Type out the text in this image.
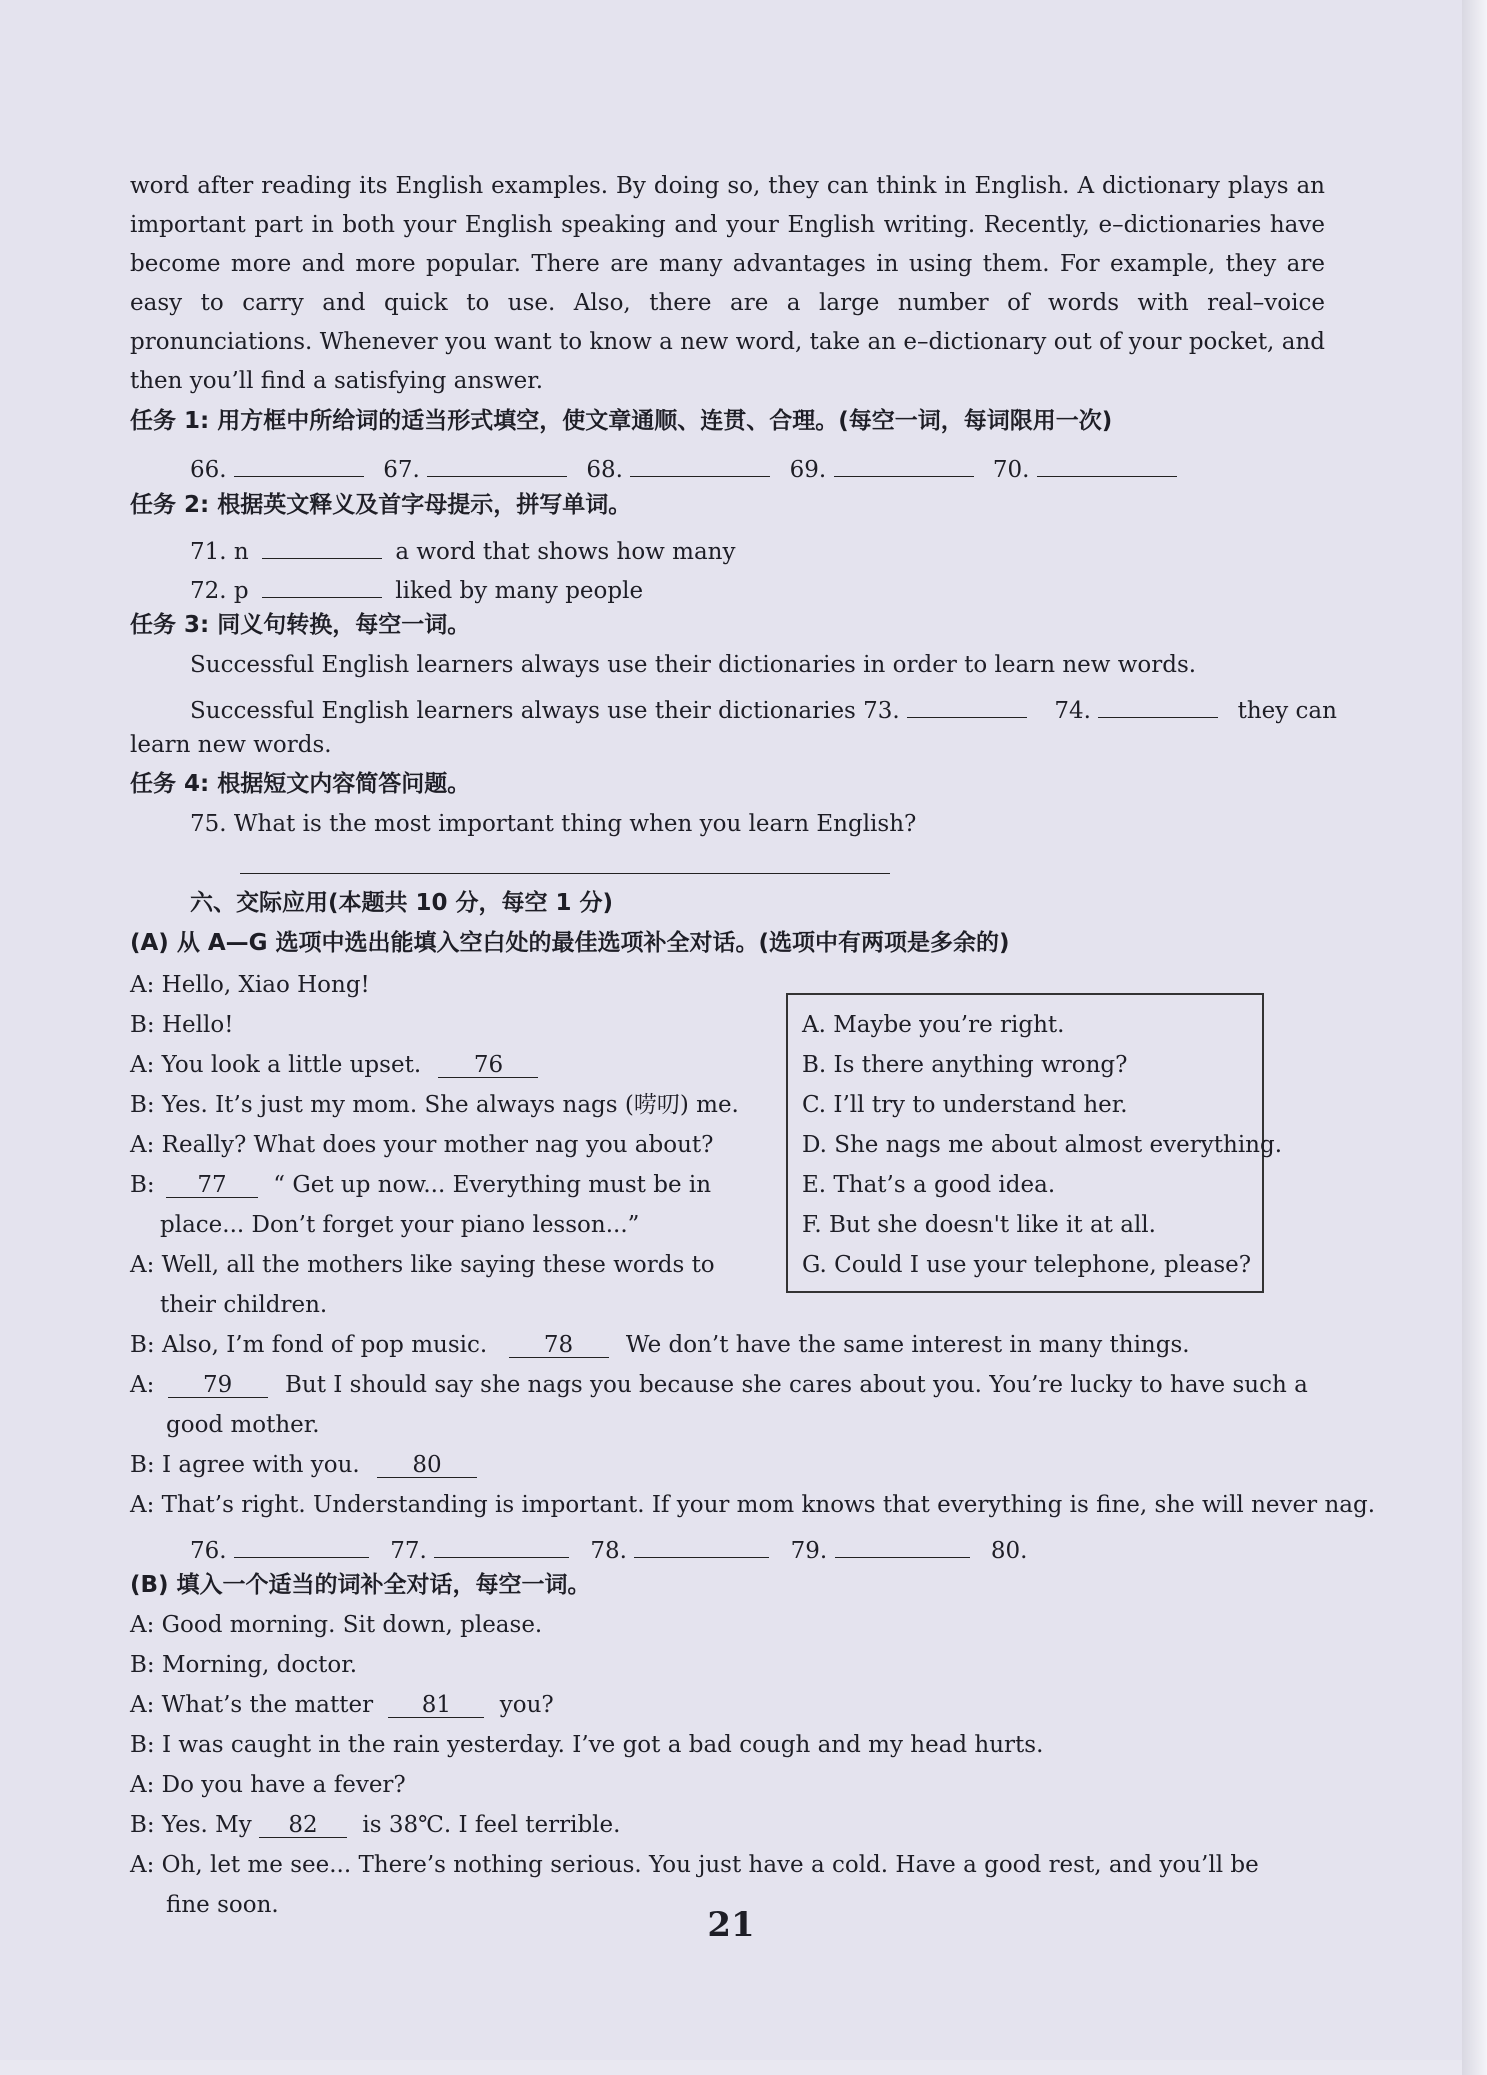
word after reading its English examples. By doing so, they can think in English. A dictionary plays an important part in both your English speaking and your English writing. Recently, e–dictionaries have become more and more popular. There are many advantages in using them. For example, they are easy to carry and quick to use. Also, there are a large number of words with real–voice pronunciations. Whenever you want to know a new word, take an e–dictionary out of your pocket, and then you’ll find a satisfying answer.
任务 1: 用方框中所给词的适当形式填空，使文章通顺、连贯、合理。(每空一词，每词限用一次)
66.	67.	68.	69.	70.
任务 2: 根据英文释义及首字母提示，拼写单词。
71. n	a word that shows how many
72. p	liked by many people
任务 3: 同义句转换，每空一词。
Successful English learners always use their dictionaries in order to learn new words.
Successful English learners always use their dictionaries 73.	74.	they can
learn new words.
任务 4: 根据短文内容简答问题。
75. What is the most important thing when you learn English?
六、交际应用(本题共 10 分，每空 1 分)
(A) 从 A—G 选项中选出能填入空白处的最佳选项补全对话。(选项中有两项是多余的)
A. Maybe you’re right.
B. Is there anything wrong?
C. I’ll try to understand her.
D. She nags me about almost everything.
E. That’s a good idea.
F. But she doesn't like it at all.
G. Could I use your telephone, please?
A: Hello, Xiao Hong!
B: Hello!
A: You look a little upset. 76
B: Yes. It’s just my mom. She always nags (唠叨) me.
A: Really? What does your mother nag you about?
B: 77 “ Get up now... Everything must be in
place... Don’t forget your piano lesson...”
A: Well, all the mothers like saying these words to
their children.
B: Also, I’m fond of pop music. 78 We don’t have the same interest in many things.
A: 79 But I should say she nags you because she cares about you. You’re lucky to have such a
good mother.
B: I agree with you. 80
A: That’s right. Understanding is important. If your mom knows that everything is fine, she will never nag.
76.	77.	78.	79.	80.
(B) 填入一个适当的词补全对话，每空一词。
A: Good morning. Sit down, please.
B: Morning, doctor.
A: What’s the matter 81 you?
B: I was caught in the rain yesterday. I’ve got a bad cough and my head hurts.
A: Do you have a fever?
B: Yes. My 82 is 38℃. I feel terrible.
A: Oh, let me see... There’s nothing serious. You just have a cold. Have a good rest, and you’ll be
fine soon.	21
